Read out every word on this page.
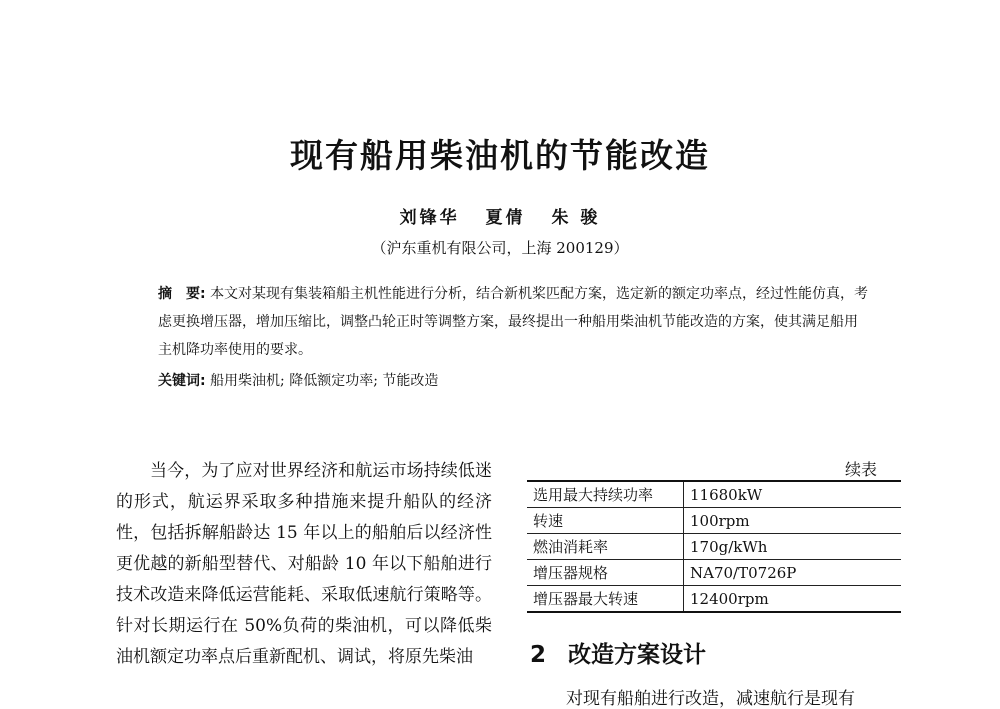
现有船用柴油机的节能改造
刘锋华 夏倩 朱 骏
（沪东重机有限公司，上海 200129）
摘　要: 本文对某现有集装箱船主机性能进行分析，结合新机桨匹配方案，选定新的额定功率点，经过性能仿真，考虑更换增压器，增加压缩比，调整凸轮正时等调整方案，最终提出一种船用柴油机节能改造的方案，使其满足船用主机降功率使用的要求。
关键词: 船用柴油机; 降低额定功率; 节能改造

当今，为了应对世界经济和航运市场持续低迷的形式，航运界采取多种措施来提升船队的经济性，包括拆解船龄达 15 年以上的船舶后以经济性更优越的新船型替代、对船龄 10 年以下船舶进行技术改造来降低运营能耗、采取低速航行策略等。针对长期运行在 50%负荷的柴油机，可以降低柴油机额定功率点后重新配机、调试，将原先柴油

续表
选用最大持续功率	11680kW
转速	100rpm
燃油消耗率	170g/kWh
增压器规格	NA70/T0726P
增压器最大转速	12400rpm
2 改造方案设计
对现有船舶进行改造，减速航行是现有
